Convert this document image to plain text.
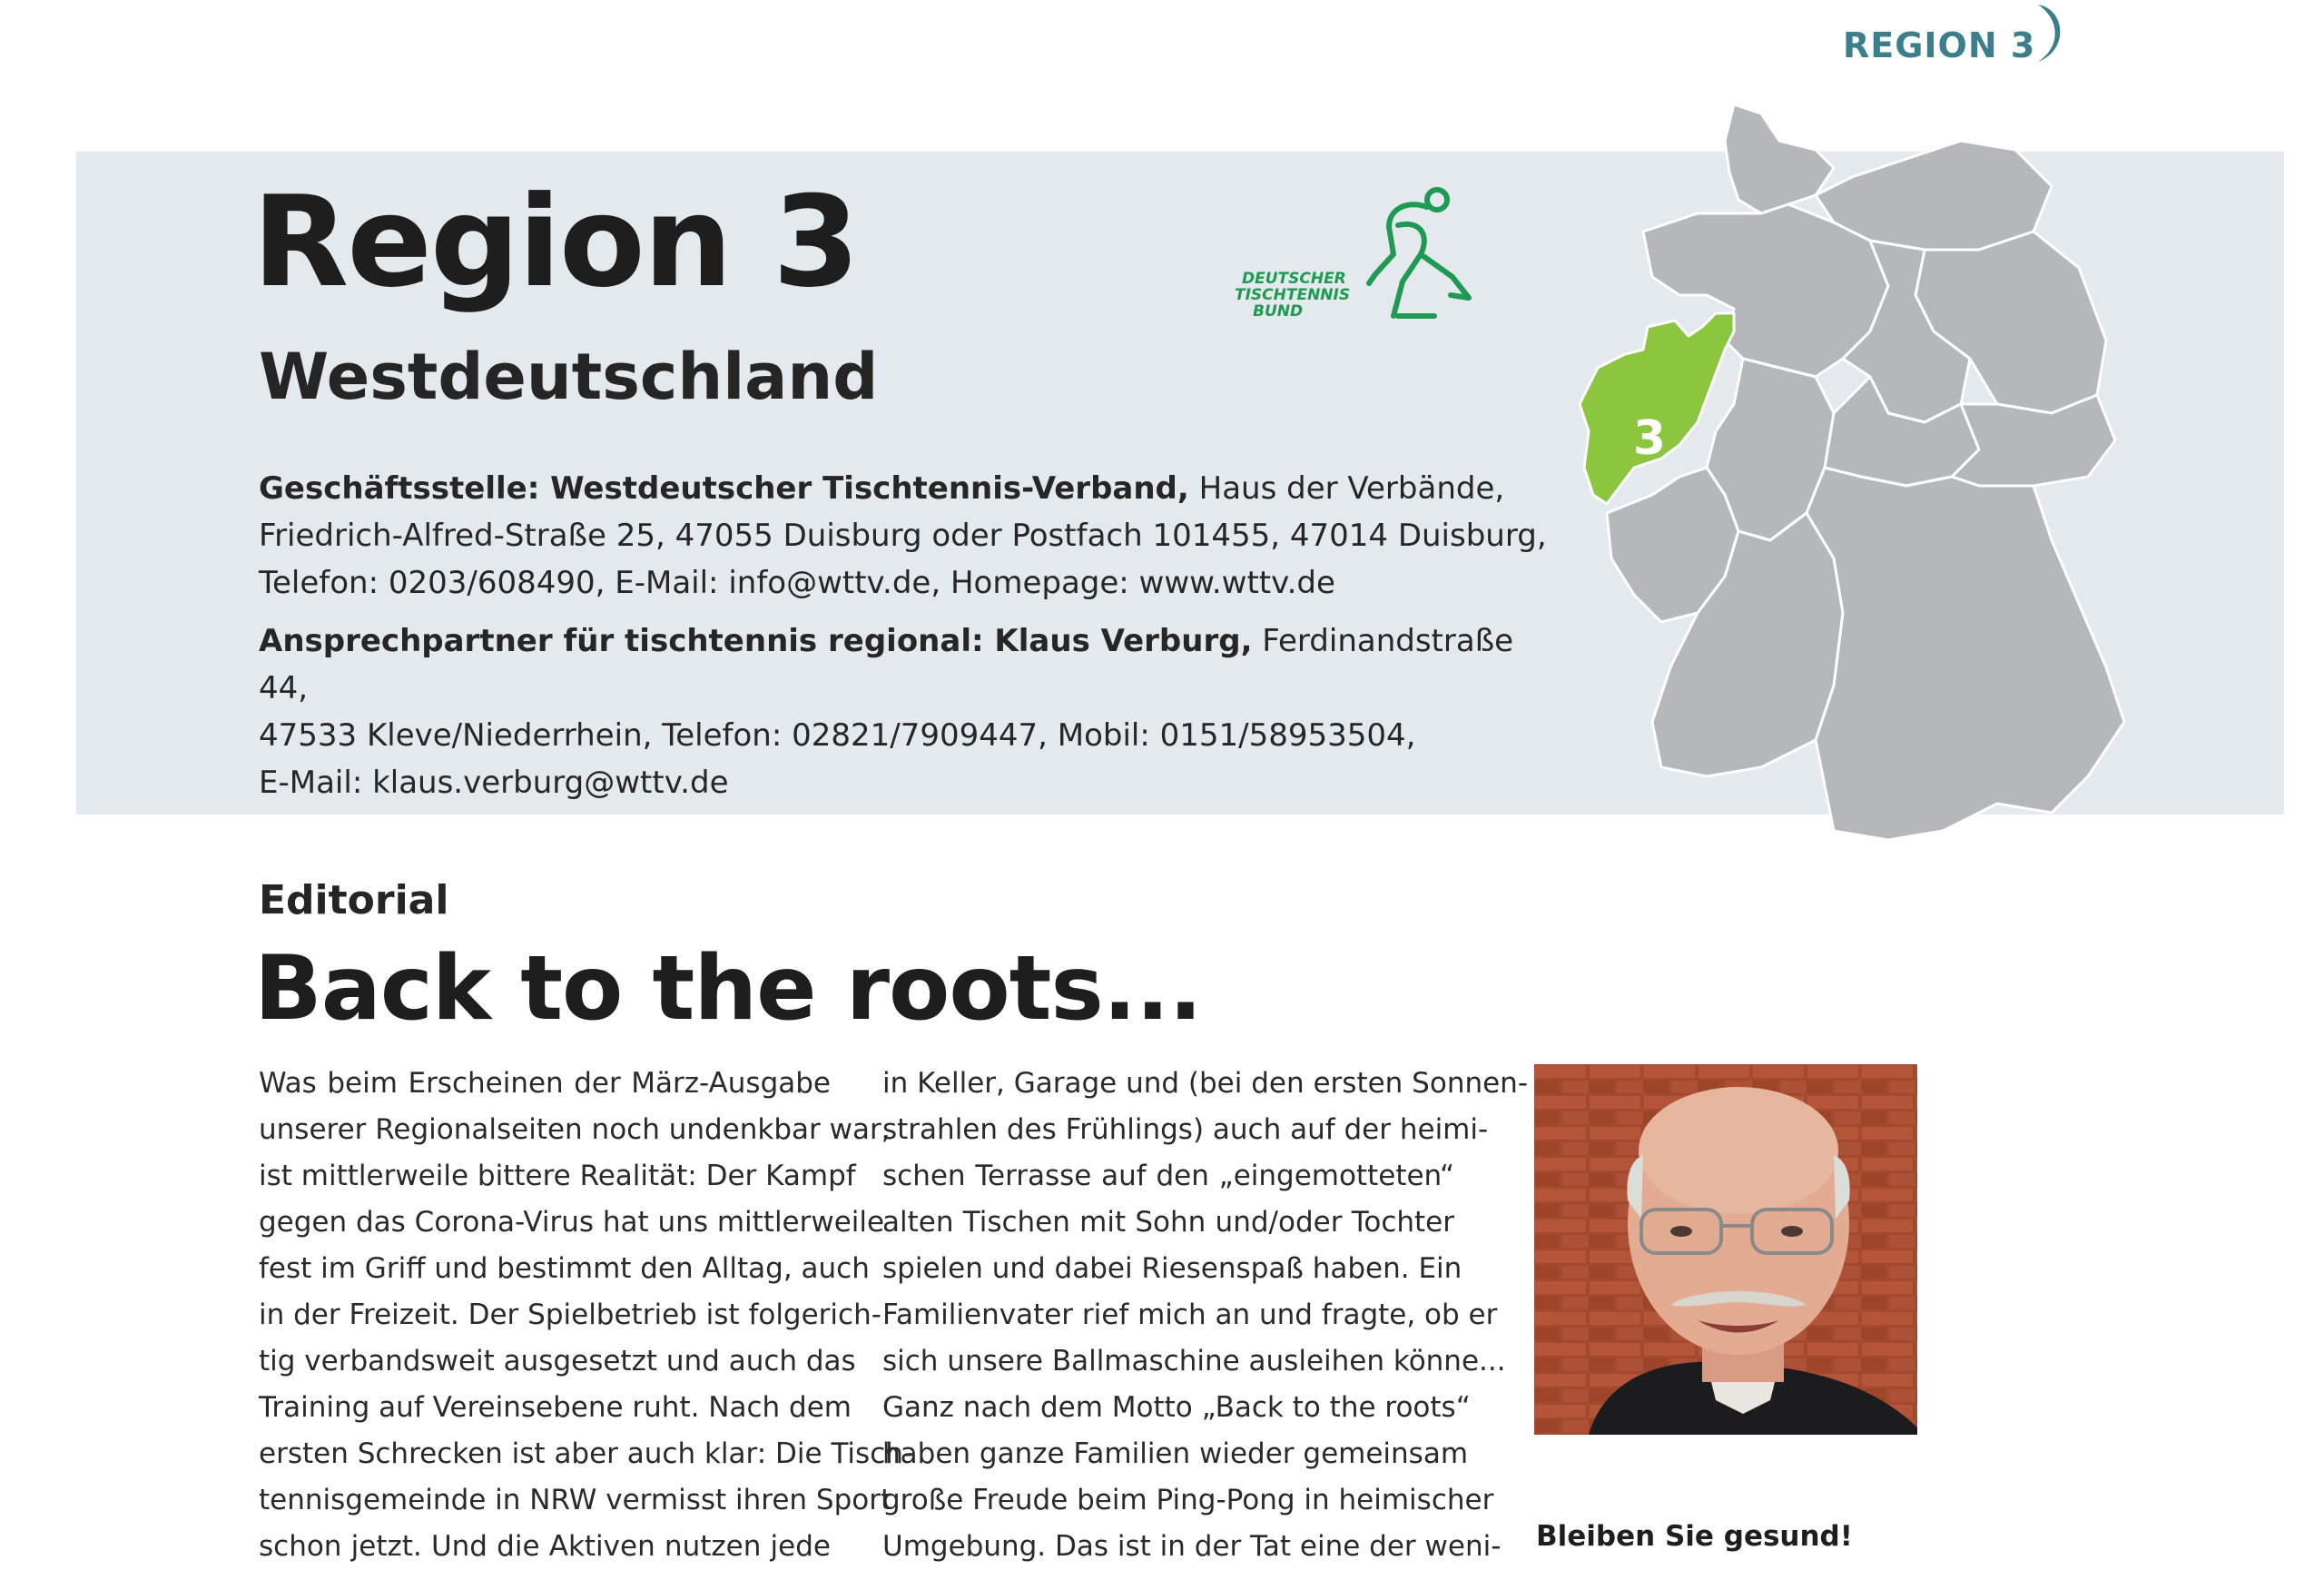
REGION 3
Region 3
Westdeutschland
DEUTSCHER
TISCHTENNIS
BUND
Geschäftsstelle: Westdeutscher Tischtennis-Verband, Haus der Verbände,
Friedrich-Alfred-Straße 25, 47055 Duisburg oder Postfach 101455, 47014 Duisburg,
Telefon: 0203/608490, E-Mail: info@wttv.de, Homepage: www.wttv.de
Ansprechpartner für tischtennis regional: Klaus Verburg, Ferdinandstraße 44,
47533 Kleve/Niederrhein, Telefon: 02821/7909447, Mobil: 0151/58953504,
E-Mail: klaus.verburg@wttv.de
3
Editorial
Back to the roots...
Was beim Erscheinen der März-Ausgabe
unserer Regionalseiten noch undenkbar war,
ist mittlerweile bittere Realität: Der Kampf
gegen das Corona-Virus hat uns mittlerweile
fest im Griff und bestimmt den Alltag, auch
in der Freizeit. Der Spielbetrieb ist folgerich-
tig verbandsweit ausgesetzt und auch das
Training auf Vereinsebene ruht. Nach dem
ersten Schrecken ist aber auch klar: Die Tisch-
tennisgemeinde in NRW vermisst ihren Sport
schon jetzt. Und die Aktiven nutzen jede
in Keller, Garage und (bei den ersten Sonnen-
strahlen des Frühlings) auch auf der heimi-
schen Terrasse auf den „eingemotteten“
alten Tischen mit Sohn und/oder Tochter
spielen und dabei Riesenspaß haben. Ein
Familienvater rief mich an und fragte, ob er
sich unsere Ballmaschine ausleihen könne...
Ganz nach dem Motto „Back to the roots“
haben ganze Familien wieder gemeinsam
große Freude beim Ping-Pong in heimischer
Umgebung. Das ist in der Tat eine der weni- Bleiben Sie gesund!
